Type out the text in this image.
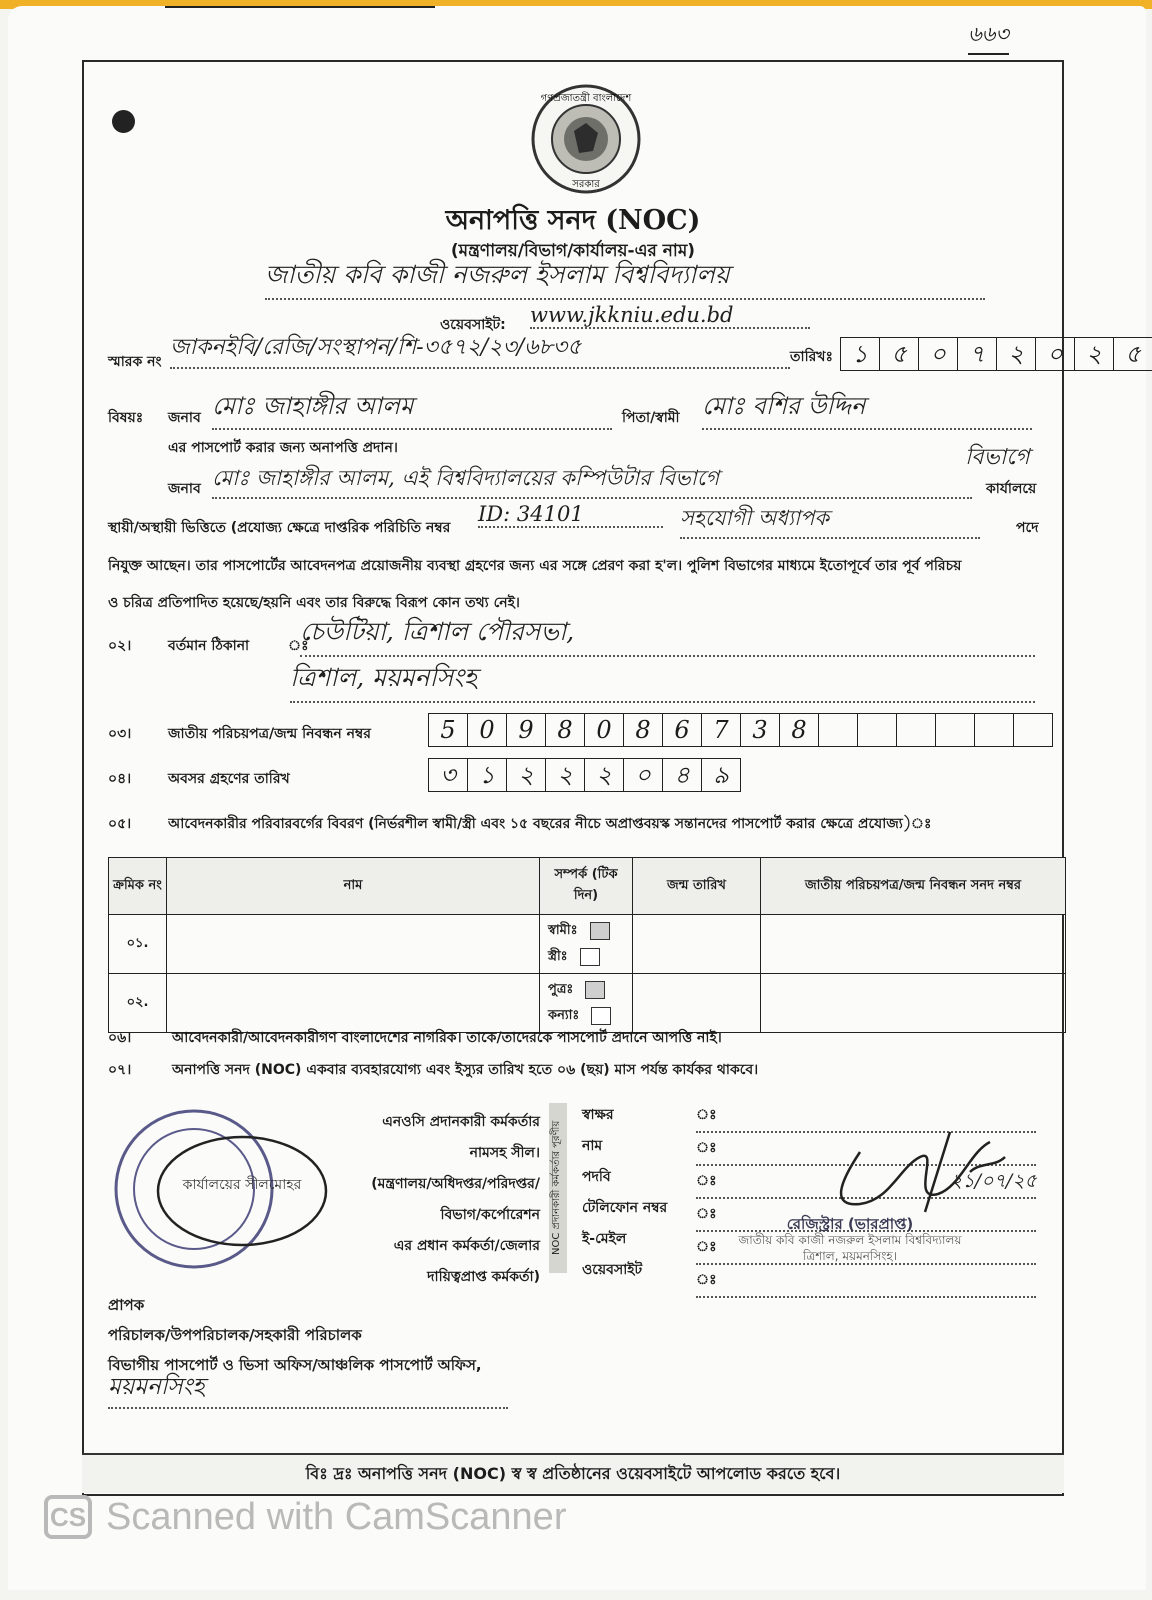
৬৬৩
গণপ্রজাতন্ত্রী বাংলাদেশ
সরকার
অনাপত্তি সনদ (NOC)
(মন্ত্রণালয়/বিভাগ/কার্যালয়-এর নাম)
জাতীয় কবি কাজী নজরুল ইসলাম বিশ্ববিদ্যালয়
ওয়েবসাইট: www.jkkniu.edu.bd
স্মারক নং
জাকনইবি/রেজি/সংস্থাপন/শি-৩৫৭২/২৩/৬৮৩৫	তারিখঃ ১ ৫ ০ ৭ ২ ০ ২ ৫
বিষয়ঃ জনাব মোঃ জাহাঙ্গীর আলম	পিতা/স্বামী মোঃ বশির উদ্দিন
এর পাসপোর্ট করার জন্য অনাপত্তি প্রদান।	বিভাগে
জনাব মোঃ জাহাঙ্গীর আলম, এই বিশ্ববিদ্যালয়ের কম্পিউটার বিভাগে	কার্যালয়ে
স্থায়ী/অস্থায়ী ভিত্তিতে (প্রযোজ্য ক্ষেত্রে দাপ্তরিক পরিচিতি নম্বর
ID: 34101	সহযোগী অধ্যাপক	পদে
নিযুক্ত আছেন। তার পাসপোর্টের আবেদনপত্র প্রয়োজনীয় ব্যবস্থা গ্রহণের জন্য এর সঙ্গে প্রেরণ করা হ'ল। পুলিশ বিভাগের মাধ্যমে ইতোপূর্বে তার পূর্ব পরিচয়
ও চরিত্র প্রতিপাদিত হয়েছে/হয়নি এবং তার বিরুদ্ধে বিরূপ কোন তথ্য নেই।
০২।	বর্তমান ঠিকানা	ঃ
চেউটিয়া, ত্রিশাল পৌরসভা,
ত্রিশাল, ময়মনসিংহ
০৩।	জাতীয় পরিচয়পত্র/জন্ম নিবন্ধন নম্বর	5 0 9 8 0 8 6 7 3 8
০৪।	অবসর গ্রহণের তারিখ	৩ ১ ২ ২ ২ ০ ৪ ৯
০৫।	আবেদনকারীর পরিবারবর্গের বিবরণ (নির্ভরশীল স্বামী/স্ত্রী এবং ১৫ বছরের নীচে অপ্রাপ্তবয়স্ক সন্তানদের পাসপোর্ট করার ক্ষেত্রে প্রযোজ্য)ঃ
ক্রমিক নং	নাম	সম্পর্ক (টিক দিন)	জন্ম তারিখ	জাতীয় পরিচয়পত্র/জন্ম নিবন্ধন সনদ নম্বর
০১.		স্বামীঃ
স্ত্রীঃ		

০২.		পুত্রঃ
কন্যাঃ		

০৬।	আবেদনকারী/আবেদনকারীগণ বাংলাদেশের নাগরিক। তাকে/তাদেরকে পাসপোর্ট প্রদানে আপত্তি নাই।
০৭।	অনাপত্তি সনদ (NOC) একবার ব্যবহারযোগ্য এবং ইস্যুর তারিখ হতে ০৬ (ছয়) মাস পর্যন্ত কার্যকর থাকবে।
কার্যালয়ের সীলমোহর
এনওসি প্রদানকারী কর্মকর্তার
নামসহ সীল।
(মন্ত্রণালয়/অধিদপ্তর/পরিদপ্তর/
বিভাগ/কর্পোরেশন
এর প্রধান কর্মকর্তা/জেলার
দায়িত্বপ্রাপ্ত কর্মকর্তা)
NOC প্রদানকারী কর্মকর্তার পূরণীয়
স্বাক্ষর
নাম
পদবি
টেলিফোন নম্বর
ই-মেইল
ওয়েবসাইট
ঃ
ঃ
ঃ
ঃ
ঃ
ঃ
২১/০৭/২৫
রেজিস্ট্রার (ভারপ্রাপ্ত)
জাতীয় কবি কাজী নজরুল ইসলাম বিশ্ববিদ্যালয়
ত্রিশাল, ময়মনসিংহ।
প্রাপক
পরিচালক/উপপরিচালক/সহকারী পরিচালক
বিভাগীয় পাসপোর্ট ও ভিসা অফিস/আঞ্চলিক পাসপোর্ট অফিস,
ময়মনসিংহ
বিঃ দ্রঃ অনাপত্তি সনদ (NOC) স্ব স্ব প্রতিষ্ঠানের ওয়েবসাইটে আপলোড করতে হবে।
CS Scanned with CamScanner
